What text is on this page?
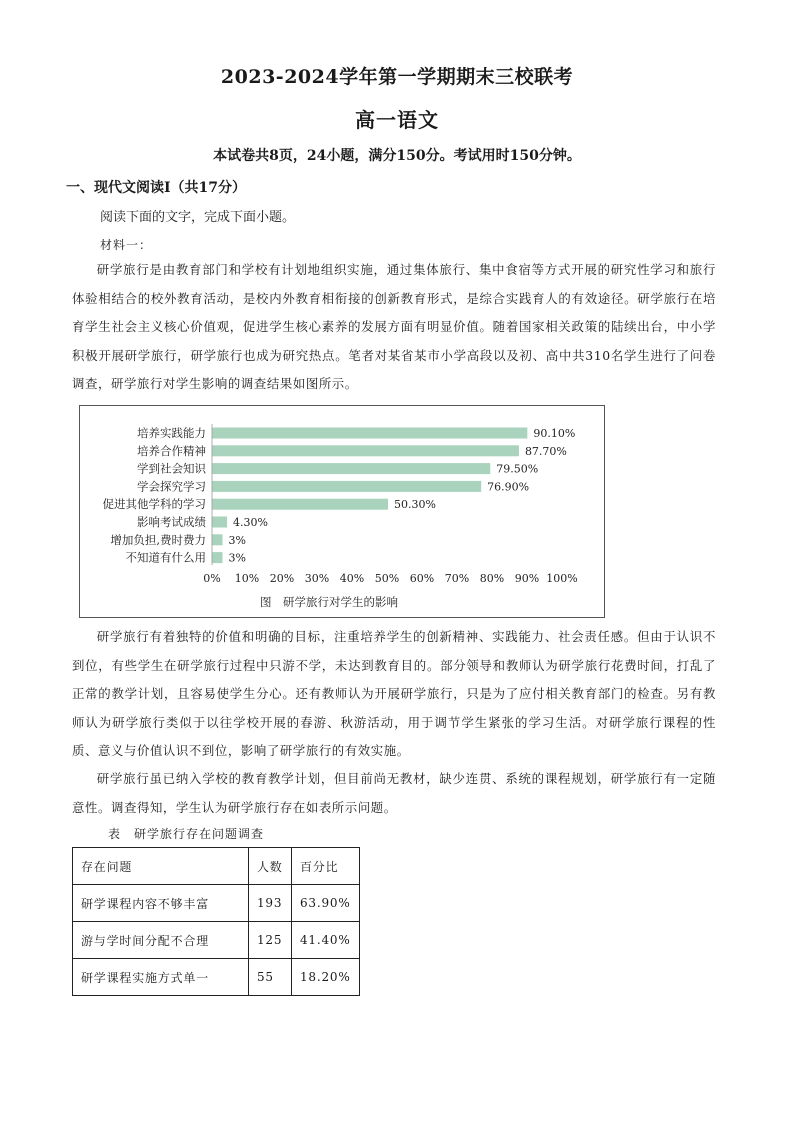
2023-2024学年第一学期期末三校联考
高一语文
本试卷共8页，24小题，满分150分。考试用时150分钟。
一、现代文阅读Ⅰ（共17分）
阅读下面的文字，完成下面小题。
材料一：

研学旅行是由教育部门和学校有计划地组织实施，通过集体旅行、集中食宿等方式开展的研究性学习和旅行体验相结合的校外教育活动，是校内外教育相衔接的创新教育形式，是综合实践育人的有效途径。研学旅行在培育学生社会主义核心价值观，促进学生核心素养的发展方面有明显价值。随着国家相关政策的陆续出台，中小学积极开展研学旅行，研学旅行也成为研究热点。笔者对某省某市小学高段以及初、高中共310名学生进行了问卷调查，研学旅行对学生影响的调查结果如图所示。

培养实践能力	90.10%
培养合作精神	87.70%
学到社会知识	79.50%
学会探究学习	76.90%
促进其他学科的学习	50.30%
影响考试成绩 4.30%
增加负担,费时费力 3%
不知道有什么用 3%
0% 10% 20% 30% 40% 50% 60% 70% 80% 90% 100%
图　研学旅行对学生的影响

研学旅行有着独特的价值和明确的目标，注重培养学生的创新精神、实践能力、社会责任感。但由于认识不到位，有些学生在研学旅行过程中只游不学，未达到教育目的。部分领导和教师认为研学旅行花费时间，打乱了正常的教学计划，且容易使学生分心。还有教师认为开展研学旅行，只是为了应付相关教育部门的检查。另有教师认为研学旅行类似于以往学校开展的春游、秋游活动，用于调节学生紧张的学习生活。对研学旅行课程的性质、意义与价值认识不到位，影响了研学旅行的有效实施。

研学旅行虽已纳入学校的教育教学计划，但目前尚无教材，缺少连贯、系统的课程规划，研学旅行有一定随意性。调查得知，学生认为研学旅行存在如表所示问题。

表　研学旅行存在问题调查
存在问题	人数	百分比
研学课程内容不够丰富	193	63.90%
游与学时间分配不合理	125	41.40%
研学课程实施方式单一	55	18.20%
